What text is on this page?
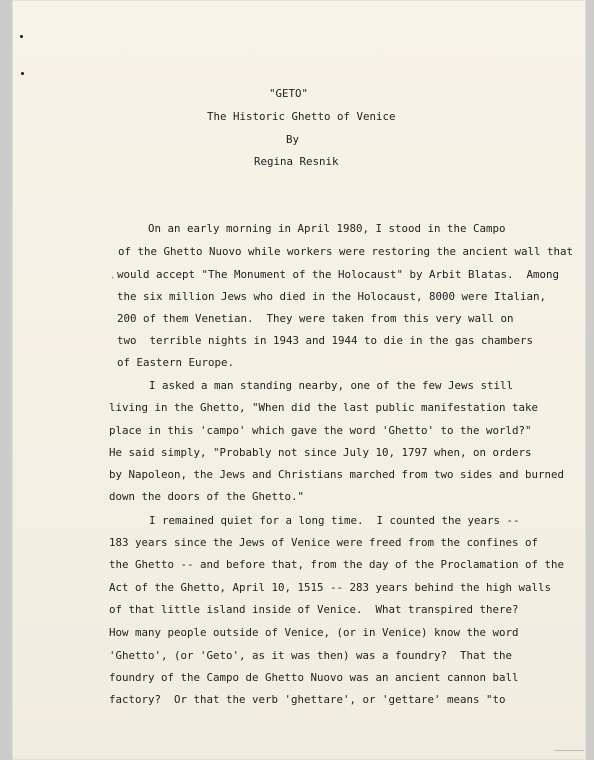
ˎ
"GETO"
The Historic Ghetto of Venice
By
Regina Resnik
On an early morning in April 1980, I stood in the Campo
of the Ghetto Nuovo while workers were restoring the ancient wall that
would accept "The Monument of the Holocaust" by Arbit Blatas.  Among
the six million Jews who died in the Holocaust, 8000 were Italian,
200 of them Venetian.  They were taken from this very wall on
two  terrible nights in 1943 and 1944 to die in the gas chambers
of Eastern Europe.
I asked a man standing nearby, one of the few Jews still
living in the Ghetto, "When did the last public manifestation take
place in this 'campo' which gave the word 'Ghetto' to the world?"
He said simply, "Probably not since July 10, 1797 when, on orders
by Napoleon, the Jews and Christians marched from two sides and burned
down the doors of the Ghetto."
I remained quiet for a long time.  I counted the years --
183 years since the Jews of Venice were freed from the confines of
the Ghetto -- and before that, from the day of the Proclamation of the
Act of the Ghetto, April 10, 1515 -- 283 years behind the high walls
of that little island inside of Venice.  What transpired there?
How many people outside of Venice, (or in Venice) know the word
'Ghetto', (or 'Geto', as it was then) was a foundry?  That the
foundry of the Campo de Ghetto Nuovo was an ancient cannon ball
factory?  Or that the verb 'ghettare', or 'gettare' means "to
